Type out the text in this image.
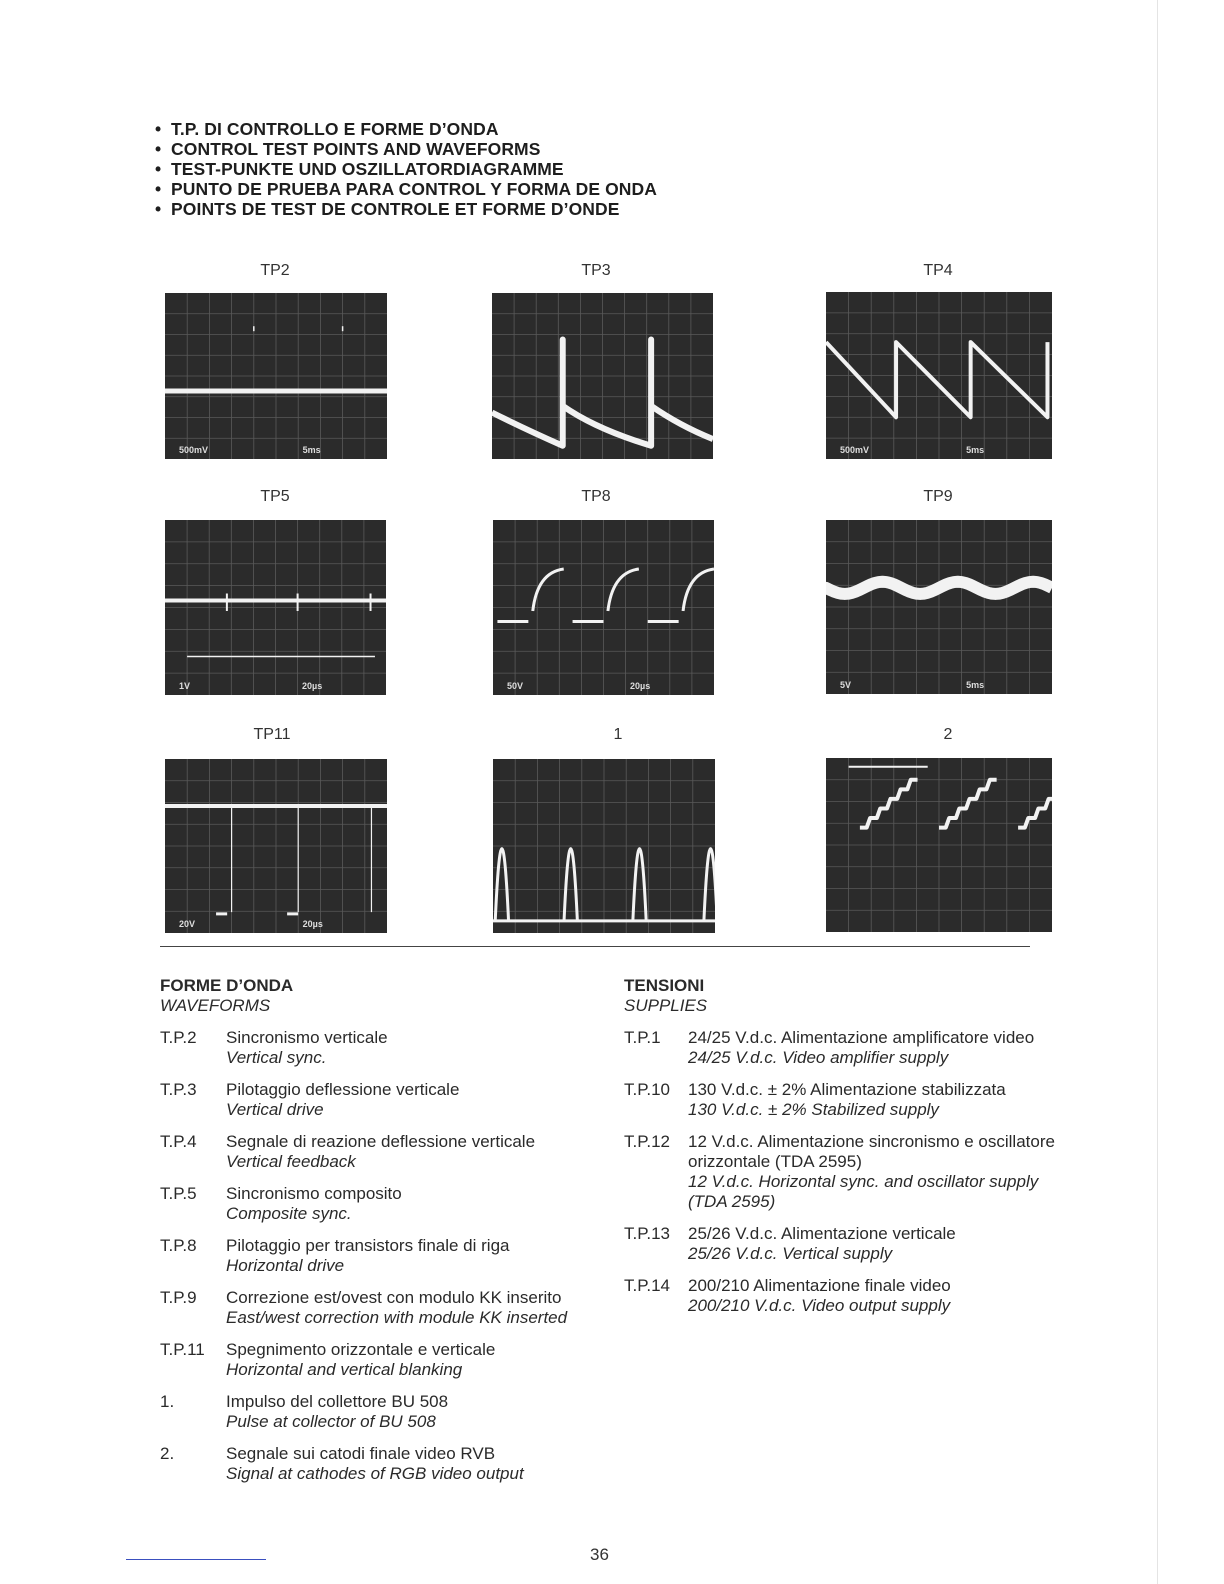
• T.P. DI CONTROLLO E FORME D’ONDA
• CONTROL TEST POINTS AND WAVEFORMS
• TEST-PUNKTE UND OSZILLATORDIAGRAMME
• PUNTO DE PRUEBA PARA CONTROL Y FORMA DE ONDA
• POINTS DE TEST DE CONTROLE ET FORME D’ONDE
TP2
500mV	5ms
TP3	TP4
500mV	5ms
TP5
1V	20µs
TP8
50V	20µs
TP9
5V	5ms
TP11
20V	20µs
1	2
FORME D’ONDA
WAVEFORMS
T.P.2 Sincronismo verticale
Vertical sync.
T.P.3 Pilotaggio deflessione verticale
Vertical drive
T.P.4 Segnale di reazione deflessione verticale
Vertical feedback
T.P.5 Sincronismo composito
Composite sync.
T.P.8 Pilotaggio per transistors finale di riga
Horizontal drive
T.P.9 Correzione est/ovest con modulo KK inserito
East/west correction with module KK inserted
T.P.11 Spegnimento orizzontale e verticale
Horizontal and vertical blanking
1.	Impulso del collettore BU 508
Pulse at collector of BU 508
2.	Segnale sui catodi finale video RVB
Signal at cathodes of RGB video output
TENSIONI
SUPPLIES
T.P.1 24/25 V.d.c. Alimentazione amplificatore video
24/25 V.d.c. Video amplifier supply
T.P.10 130 V.d.c. ± 2% Alimentazione stabilizzata
130 V.d.c. ± 2% Stabilized supply
T.P.12 12 V.d.c. Alimentazione sincronismo e oscillatore orizzontale (TDA 2595)
12 V.d.c. Horizontal sync. and oscillator supply (TDA 2595)
T.P.13 25/26 V.d.c. Alimentazione verticale
25/26 V.d.c. Vertical supply
T.P.14 200/210 Alimentazione finale video
200/210 V.d.c. Video output supply
36
